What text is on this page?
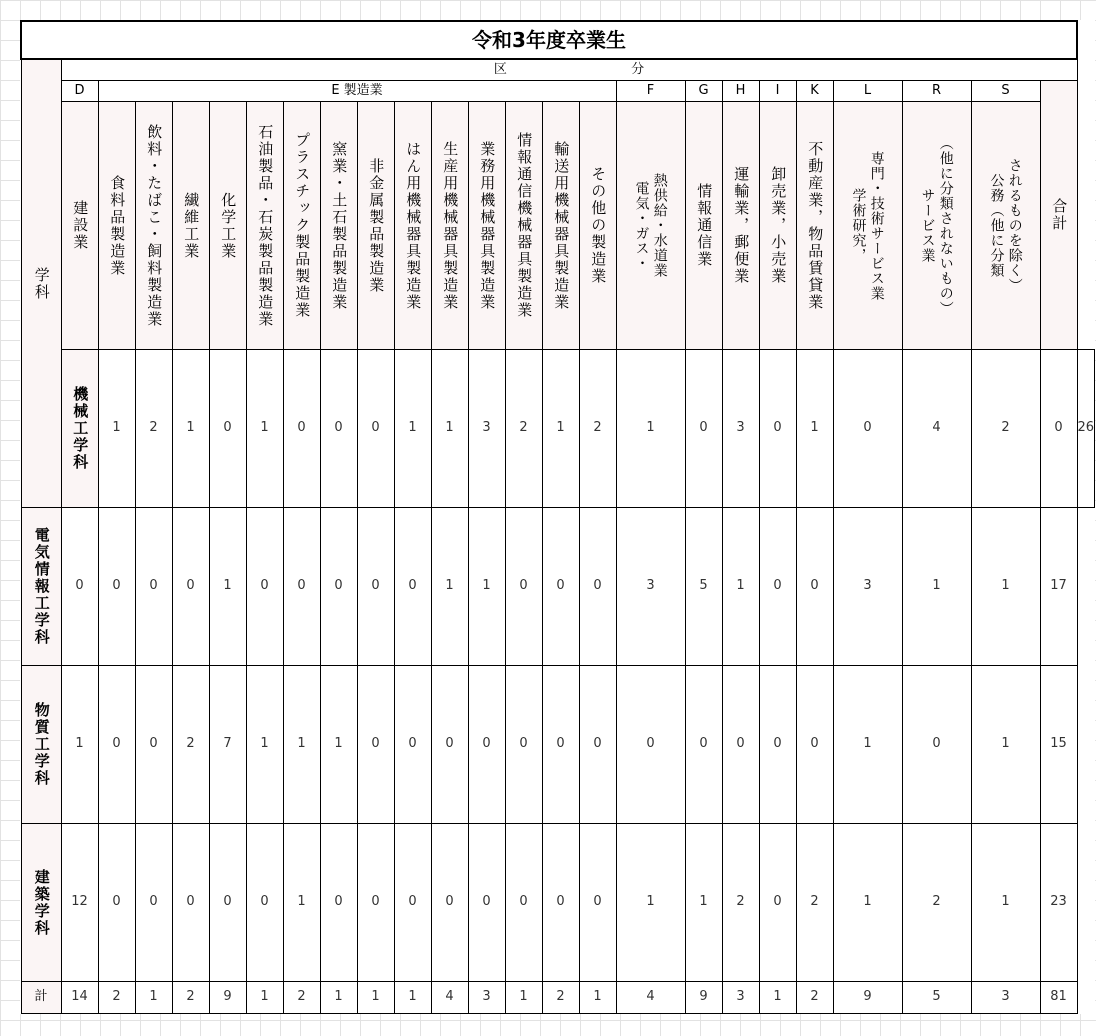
令和3年度卒業生																									
学科	区 分																								
	D	E 製造業														F	G	H	I	K	L	R	S	合計	
	建設業	食料品製造業	飲料・たばこ・飼料製造業	繊維工業	化学工業	石油製品・石炭製品製造業	プラスチック製品製造業	窯業・土石製品製造業	非金属製品製造業	はん用機械器具製造業	生産用機械器具製造業	業務用機械器具製造業	情報通信機械器具製造業	輸送用機械器具製造業	その他の製造業	電気・ガス・ 熱供給・水道業	情報通信業	運輸業，郵便業	卸売業，小売業	不動産業，物品賃貸業	学術研究， 専門・技術サービス業	サービス業 （他に分類されないもの）	公務（他に分類 されるものを除く）		
	機械工学科	1	2	1	0	1	0	0	0	1	1	3	2	1	2	1	0	3	0	1	0	4	2	0	26
電気情報工学科	0	0	0	0	1	0	0	0	0	0	1	1	0	0	0	3	5	1	0	0	3	1	1	17	
物質工学科	1	0	0	2	7	1	1	1	0	0	0	0	0	0	0	0	0	0	0	0	1	0	1	15	
建築学科	12	0	0	0	0	0	1	0	0	0	0	0	0	0	0	1	1	2	0	2	1	2	1	23	
計	14	2	1	2	9	1	2	1	1	1	4	3	1	2	1	4	9	3	1	2	9	5	3	81	
